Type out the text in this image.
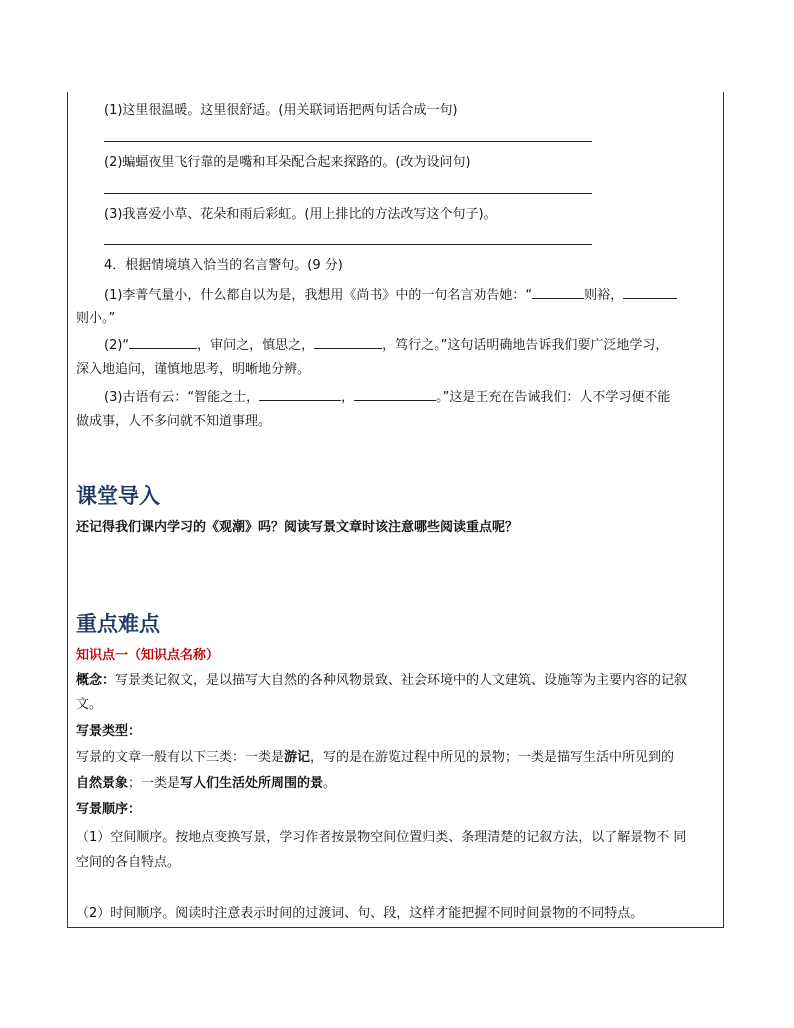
(1)这里很温暖。这里很舒适。(用关联词语把两句话合成一句)
(2)蝙蝠夜里飞行靠的是嘴和耳朵配合起来探路的。(改为设问句)
(3)我喜爱小草、花朵和雨后彩虹。(用上排比的方法改写这个句子)。
4．根据情境填入恰当的名言警句。(9 分)
(1)李菁气量小，什么都自以为是，我想用《尚书》中的一句名言劝告她：“	则裕，
则小。”
(2)“	，审问之，慎思之，	，笃行之。”这句话明确地告诉我们要广泛地学习，
深入地追问，谨慎地思考，明晰地分辨。
(3)古语有云：“智能之士，	，	。”这是王充在告诫我们：人不学习便不能
做成事，人不多问就不知道事理。
课堂导入
还记得我们课内学习的《观潮》吗？阅读写景文章时该注意哪些阅读重点呢？
重点难点
知识点一（知识点名称）
概念：写景类记叙文，是以描写大自然的各种风物景致、社会环境中的人文建筑、设施等为主要内容的记叙
文。
写景类型：
写景的文章一般有以下三类：一类是游记，写的是在游览过程中所见的景物；一类是描写生活中所见到的
自然景象；一类是写人们生活处所周围的景。
写景顺序：
（1）空间顺序。按地点变换写景，学习作者按景物空间位置归类、条理清楚的记叙方法，以了解景物不 同
空间的各自特点。
（2）时间顺序。阅读时注意表示时间的过渡词、句、段，这样才能把握不同时间景物的不同特点。
